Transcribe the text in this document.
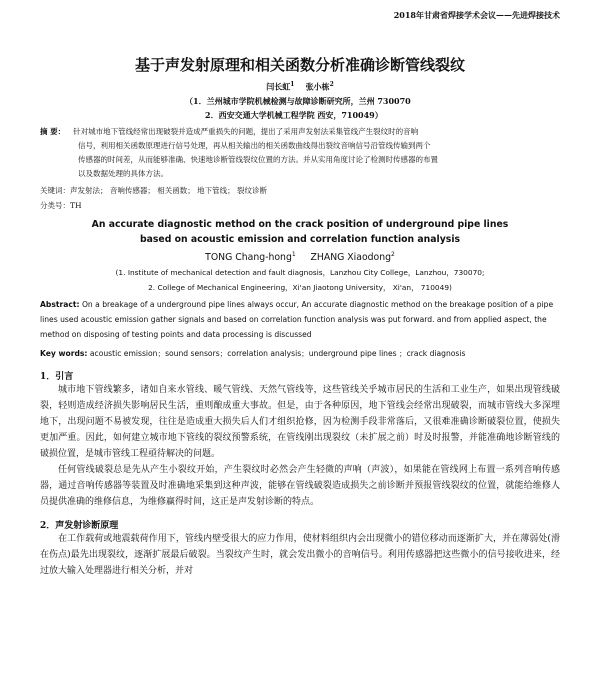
2018年甘肃省焊接学术会议——先进焊接技术
基于声发射原理和相关函数分析准确诊断管线裂纹
闫长虹$^1$ 张小栋$^2$
（1．兰州城市学院机械检测与故障诊断研究所，兰州 730070
2．西安交通大学机械工程学院 西安，710049）
摘 要： 针对城市地下管线经常出现破裂并造成严重损失的问题，提出了采用声发射法采集管线产生裂纹时的音响
信号，利用相关函数原理进行信号处理，再从相关输出的相关函数曲线得出裂纹音响信号沿管线传输到两个
传感器的时间差，从而能够准确、快速地诊断管线裂纹位置的方法。并从实用角度讨论了检测时传感器的布置
以及数据处理的具体方法。
关键词：声发射法； 音响传感器； 相关函数； 地下管线； 裂纹诊断
分类号：TH
An accurate diagnostic method on the crack position of underground pipe lines
based on acoustic emission and correlation function analysis
TONG Chang-hong$^1$ ZHANG Xiaodong$^2$
(1. Institute of mechanical detection and fault diagnosis，Lanzhou City College，Lanzhou，730070;
2. College of Mechanical Engineering，Xi'an Jiaotong University， Xi'an， 710049)
Abstract: On a breakage of a underground pipe lines always occur, An accurate diagnostic method on the breakage position of a pipe lines used acoustic emission gather signals and based on correlation function analysis was put forward. and from applied aspect, the method on disposing of testing points and data processing is discussed
Key words: acoustic emission；sound sensors；correlation analysis；underground pipe lines ；crack diagnosis
1．引言

城市地下管线繁多，诸如自来水管线、暖气管线、天然气管线等，这些管线关乎城市居民的生活和工业生产，如果出现管线破裂，轻则造成经济损失影响居民生活，重则酿成重大事故。但是，由于各种原因，地下管线会经常出现破裂，而城市管线大多深埋地下，出现问题不易被发现，往往是造成重大损失后人们才组织抢修，因为检测手段非常落后，又很难准确诊断破裂位置，使损失更加严重。因此，如何建立城市地下管线的裂纹预警系统，在管线刚出现裂纹（未扩展之前）时及时报警，并能准确地诊断管线的破损位置，是城市管线工程亟待解决的问题。

任何管线破裂总是先从产生小裂纹开始，产生裂纹时必然会产生轻微的声响（声波），如果能在管线网上布置一系列音响传感器，通过音响传感器等装置及时准确地采集到这种声波，能够在管线破裂造成损失之前诊断并预报管线裂纹的位置，就能给维修人员提供准确的维修信息，为维修赢得时间，这正是声发射诊断的特点。

2．声发射诊断原理

在工作载荷或地震载荷作用下，管线内壁受很大的应力作用，使材料组织内会出现微小的错位移动而逐渐扩大，并在薄弱处(滑在伤点)最先出现裂纹，逐渐扩展最后破裂。当裂纹产生时，就会发出微小的音响信号。利用传感器把这些微小的信号接收进来，经过放大输入处理器进行相关分析，并对
